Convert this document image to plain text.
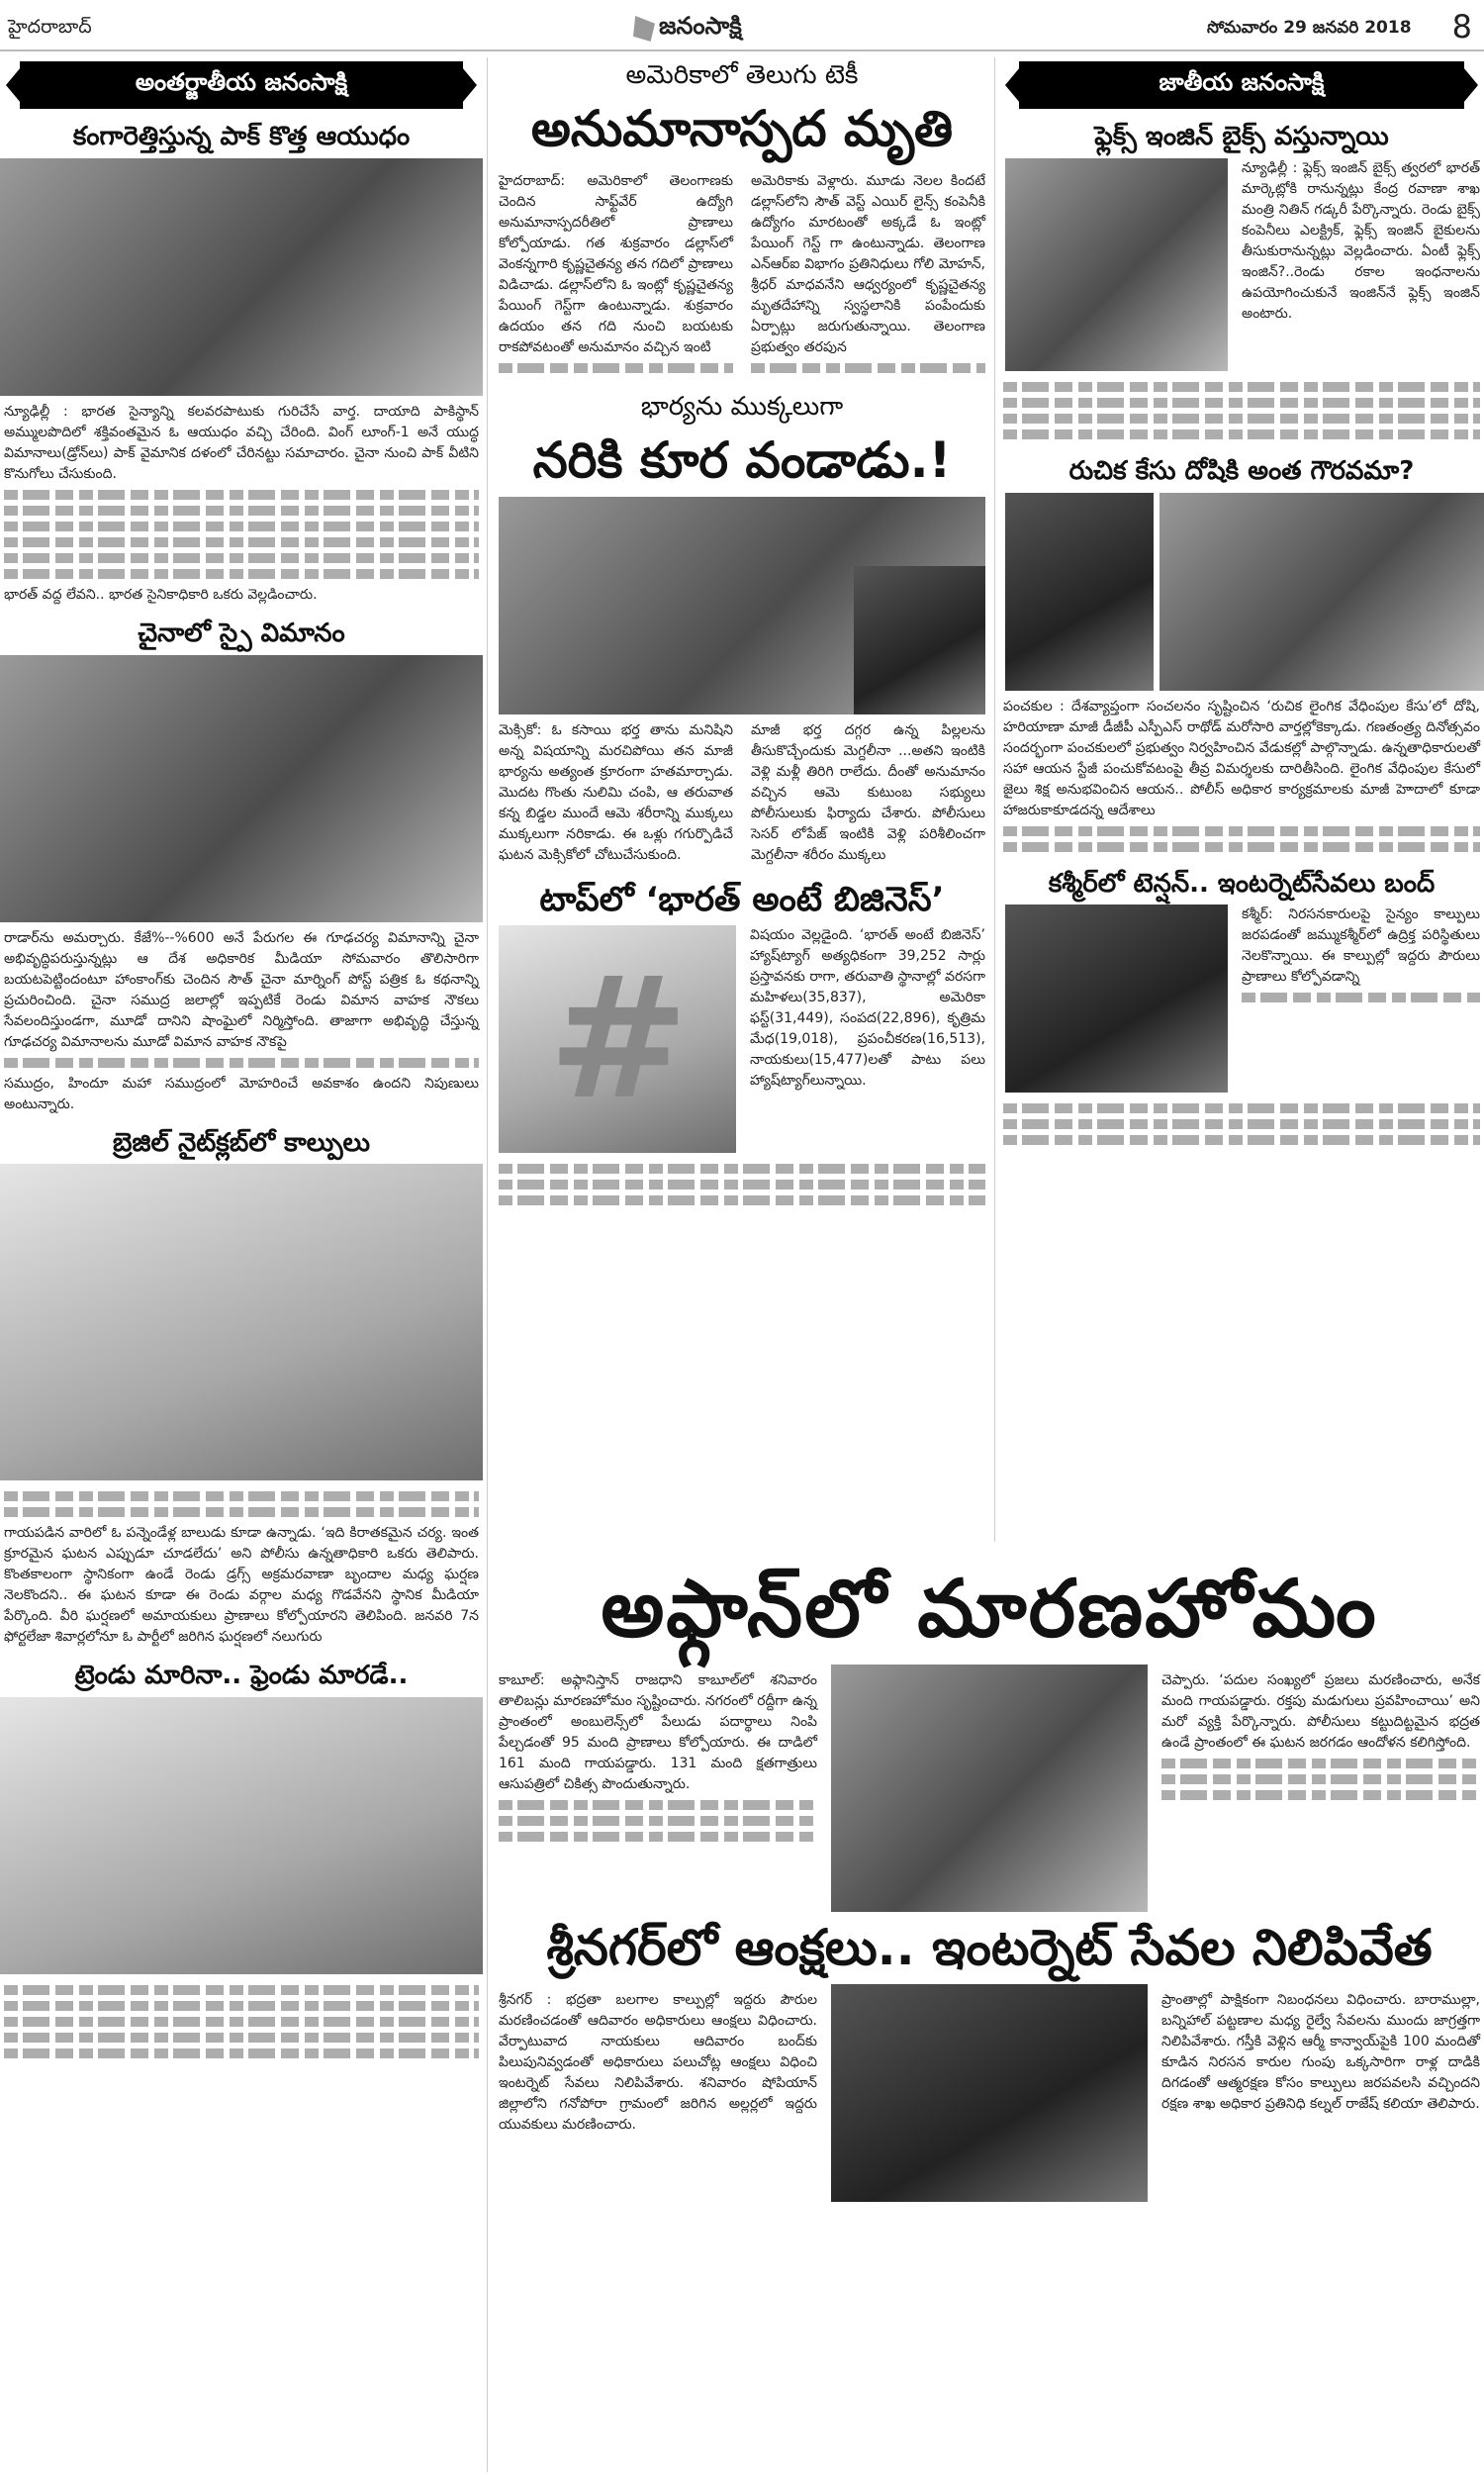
హైదరాబాద్	జనంసాక్షి	సోమవారం 29 జనవరి 2018 8
అంతర్జాతీయ జనంసాక్షి
కంగారెత్తిస్తున్న పాక్ కొత్త ఆయుధం

న్యూఢిల్లీ : భారత సైన్యాన్ని కలవరపాటుకు గురిచేసే వార్త. దాయాది పాకిస్థాన్ అమ్ములపొదిలో శక్తివంతమైన ఓ ఆయుధం వచ్చి చేరింది. వింగ్ లూంగ్-1 అనే యుద్ధ విమానాలు(డ్రోన్‌లు) పాక్ వైమానిక దళంలో చేరినట్టు సమాచారం. చైనా నుంచి పాక్ వీటిని కొనుగోలు చేసుకుంది.

భారత్ వద్ద లేవని.. భారత సైనికాధికారి ఒకరు వెల్లడించారు.

చైనాలో స్పై విమానం

రాడార్‌ను అమర్చారు. కేజే%--%600 అనే పేరుగల ఈ గూఢచర్య విమానాన్ని చైనా అభివృద్ధిపరుస్తున్నట్లు ఆ దేశ అధికారిక మీడియా సోమవారం తొలిసారిగా బయటపెట్టిందంటూ హాంకాంగ్‌కు చెందిన సౌత్ చైనా మార్నింగ్ పోస్ట్ పత్రిక ఓ కథనాన్ని ప్రచురించింది. చైనా సముద్ర జలాల్లో ఇప్పటికే రెండు విమాన వాహక నౌకలు సేవలందిస్తుండగా, మూడో దానిని షాంఘైలో నిర్మిస్తోంది. తాజాగా అభివృద్ధి చేస్తున్న గూఢచర్య విమానాలను మూడో విమాన వాహక నౌకపై

సముద్రం, హిందూ మహా సముద్రంలో మోహరించే అవకాశం ఉందని నిపుణులు అంటున్నారు.

బ్రెజిల్ నైట్‌క్లబ్‌లో కాల్పులు

గాయపడిన వారిలో ఓ పన్నెండేళ్ల బాలుడు కూడా ఉన్నాడు. ‘ఇది కిరాతకమైన చర్య. ఇంత క్రూరమైన ఘటన ఎప్పుడూ చూడలేదు’ అని పోలీసు ఉన్నతాధికారి ఒకరు తెలిపారు. కొంతకాలంగా స్థానికంగా ఉండే రెండు డ్రగ్స్ అక్రమరవాణా బృందాల మధ్య ఘర్షణ నెలకొందని.. ఈ ఘటన కూడా ఈ రెండు వర్గాల మధ్య గొడవేనని స్థానిక మీడియా పేర్కొంది. వీరి ఘర్షణలో అమాయకులు ప్రాణాలు కోల్పోయారని తెలిపింది. జనవరి 7న ఫోర్టలేజా శివార్లలోనూ ఓ పార్టీలో జరిగిన ఘర్షణలో నలుగురు

ట్రెండు మారినా.. ఫ్రెండు మారడే..
అమెరికాలో తెలుగు టెకీ
అనుమానాస్పద మృతి

హైదరాబాద్: అమెరికాలో తెలంగాణకు చెందిన సాఫ్ట్‌వేర్ ఉద్యోగి అనుమానాస్పదరీతిలో ప్రాణాలు కోల్పోయాడు. గత శుక్రవారం డల్లాస్‌లో వెంకన్నగారి కృష్ణచైతన్య తన గదిలో ప్రాణాలు విడిచాడు. డల్లాస్‌లోని ఓ ఇంట్లో కృష్ణచైతన్య పేయింగ్ గెస్ట్‌గా ఉంటున్నాడు. శుక్రవారం ఉదయం తన గది నుంచి బయటకు రాకపోవటంతో అనుమానం వచ్చిన ఇంటి

అమెరికాకు వెళ్లారు. మూడు నెలల కిందటే డల్లాస్‌లోని సౌత్ వెస్ట్ ఎయిర్ లైన్స్ కంపెనీకి ఉద్యోగం మారటంతో అక్కడే ఓ ఇంట్లో పేయింగ్ గెస్ట్ గా ఉంటున్నాడు. తెలంగాణ ఎన్ఆర్ఐ విభాగం ప్రతినిధులు గోలి మోహన్, శ్రీధర్ మాధవనేని ఆధ్వర్యంలో కృష్ణచైతన్య మృతదేహాన్ని స్వస్థలానికి పంపేందుకు ఏర్పాట్లు జరుగుతున్నాయి. తెలంగాణ ప్రభుత్వం తరపున

భార్యను ముక్కలుగా
నరికి కూర వండాడు.!

మెక్సికో: ఓ కసాయి భర్త తాను మనిషిని అన్న విషయాన్ని మరచిపోయి తన మాజీ భార్యను అత్యంత క్రూరంగా హతమార్చాడు. మొదట గొంతు నులిమి చంపి, ఆ తరువాత కన్న బిడ్డల ముందే ఆమె శరీరాన్ని ముక్కలు ముక్కలుగా నరికాడు. ఈ ఒళ్లు గగుర్పొడిచే ఘటన మెక్సికోలో చోటుచేసుకుంది.

మాజీ భర్త దగ్గర ఉన్న పిల్లలను తీసుకొచ్చేందుకు మెగ్దలీనా ...అతని ఇంటికి వెళ్లి మళ్లీ తిరిగి రాలేదు. దీంతో అనుమానం వచ్చిన ఆమె కుటుంబ సభ్యులు పోలీసులుకు ఫిర్యాదు చేశారు. పోలీసులు సెసర్ లోపేజ్ ఇంటికి వెళ్లి పరిశీలించగా మెగ్దలీనా శరీరం ముక్కలు

టాప్‌లో ‘భారత్ అంటే బిజినెస్’
#

విషయం వెల్లడైంది. ‘భారత్ అంటే బిజినెస్’ హ్యాష్‌ట్యాగ్ అత్యధికంగా 39,252 సార్లు ప్రస్తావనకు రాగా, తరువాతి స్థానాల్లో వరసగా మహిళలు(35,837), అమెరికా ఫస్ట్(31,449), సంపద(22,896), కృత్రిమ మేధ(19,018), ప్రపంచీకరణ(16,513), నాయకులు(15,477)లతో పాటు పలు హ్యాష్‌ట్యాగ్‌లున్నాయి.

జాతీయ జనంసాక్షి
ఫ్లెక్స్ ఇంజిన్ బైక్స్ వస్తున్నాయి

న్యూఢిల్లీ : ఫ్లెక్స్ ఇంజిన్ బైక్స్ త్వరలో భారత్ మార్కెట్లోకి రానున్నట్లు కేంద్ర రవాణా శాఖ మంత్రి నితిన్ గడ్కరీ పేర్కొన్నారు. రెండు బైక్స్ కంపెనీలు ఎలక్ట్రిక్, ఫ్లెక్స్ ఇంజిన్ బైకులను తీసుకురానున్నట్లు వెల్లడించారు. ఏంటీ ఫ్లెక్స్ ఇంజిన్?..రెండు రకాల ఇంధనాలను ఉపయోగించుకునే ఇంజిన్‌నే ఫ్లెక్స్ ఇంజిన్ అంటారు.

రుచిక కేసు దోషికి అంత గౌరవమా?

పంచకుల : దేశవ్యాప్తంగా సంచలనం సృష్టించిన ‘రుచిక లైంగిక వేధింపుల కేసు’లో దోషి, హరియాణా మాజీ డీజీపీ ఎస్పీఎస్ రాథోడ్ మరోసారి వార్తల్లోకెక్కాడు. గణతంత్ర్య దినోత్సవం సందర్భంగా పంచకులలో ప్రభుత్వం నిర్వహించిన వేడుకల్లో పాల్గొన్నాడు. ఉన్నతాధికారులతో సహా ఆయన స్టేజీ పంచుకోవటంపై తీవ్ర విమర్శలకు దారితీసింది. లైంగిక వేధింపుల కేసులో జైలు శిక్ష అనుభవించిన ఆయన.. పోలీస్ అధికార కార్యక్రమాలకు మాజీ హెాదాలో కూడా హాజరుకాకూడదన్న ఆదేశాలు

కశ్మీర్‌లో టెన్షన్.. ఇంటర్నెట్‌సేవలు బంద్

కశ్మీర్: నిరసనకారులపై సైన్యం కాల్పులు జరపడంతో జమ్ముకశ్మీర్‌లో ఉద్రిక్త పరిస్థితులు నెలకొన్నాయి. ఈ కాల్పుల్లో ఇద్దరు పౌరులు ప్రాణాలు కోల్పోవడాన్ని

అఫ్గాన్‌లో మారణహోమం

కాబూల్: అఫ్గానిస్తాన్ రాజధాని కాబూల్‌లో శనివారం తాలిబన్లు మారణహోమం సృష్టించారు. నగరంలో రద్దీగా ఉన్న ప్రాంతంలో అంబులెన్స్‌లో పేలుడు పదార్థాలు నింపి పేల్చడంతో 95 మంది ప్రాణాలు కోల్పోయారు. ఈ దాడిలో 161 మంది గాయపడ్డారు. 131 మంది క్షతగాత్రులు ఆసుపత్రిలో చికిత్స పొందుతున్నారు.

చెప్పారు. ‘పదుల సంఖ్యలో ప్రజలు మరణించారు, అనేక మంది గాయపడ్డారు. రక్తపు మడుగులు ప్రవహించాయి’ అని మరో వ్యక్తి పేర్కొన్నారు. పోలీసులు కట్టుదిట్టమైన భద్రత ఉండే ప్రాంతంలో ఈ ఘటన జరగడం ఆందోళన కలిగిస్తోంది.

శ్రీనగర్‌లో ఆంక్షలు.. ఇంటర్నెట్ సేవల నిలిపివేత

శ్రీనగర్ : భద్రతా బలగాల కాల్పుల్లో ఇద్దరు పౌరుల మరణించడంతో ఆదివారం అధికారులు ఆంక్షలు విధించారు. వేర్పాటువాద నాయకులు ఆదివారం బంద్‌కు పిలుపునివ్వడంతో అధికారులు పలుచోట్ల ఆంక్షలు విధించి ఇంటర్నెట్ సేవలు నిలిపివేశారు. శనివారం షోపియాన్ జిల్లాలోని గనోపోరా గ్రామంలో జరిగిన అల్లర్లలో ఇద్దరు యువకులు మరణించారు.

ప్రాంతాల్లో పాక్షికంగా నిబంధనలు విధించారు. బారాముల్లా, బన్నిహాల్ పట్టణాల మధ్య రైల్వే సేవలను ముందు జాగ్రత్తగా నిలిపివేశారు. గస్తీకి వెళ్లిన ఆర్మీ కాన్వాయ్‌పైకి 100 మందితో కూడిన నిరసన కారుల గుంపు ఒక్కసారిగా రాళ్ల దాడికి దిగడంతో ఆత్మరక్షణ కోసం కాల్పులు జరపవలసి వచ్చిందని రక్షణ శాఖ అధికార ప్రతినిధి కల్నల్ రాజేష్ కలియా తెలిపారు.
